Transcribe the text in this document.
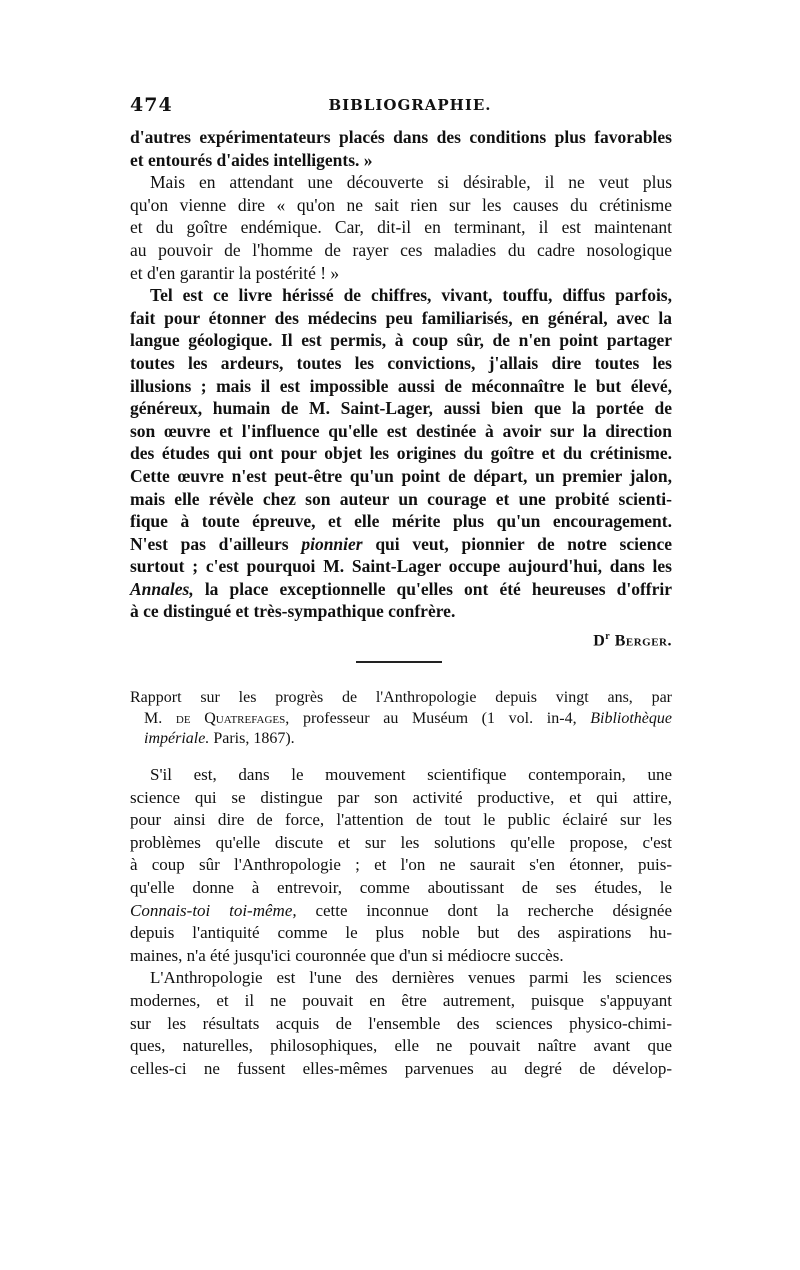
474	BIBLIOGRAPHIE.
d'autres expérimentateurs placés dans des conditions plus favorables
et entourés d'aides intelligents. »
Mais en attendant une découverte si désirable, il ne veut plus
qu'on vienne dire « qu'on ne sait rien sur les causes du crétinisme
et du goître endémique. Car, dit-il en terminant, il est maintenant
au pouvoir de l'homme de rayer ces maladies du cadre nosologique
et d'en garantir la postérité ! »
Tel est ce livre hérissé de chiffres, vivant, touffu, diffus parfois,
fait pour étonner des médecins peu familiarisés, en général, avec la
langue géologique. Il est permis, à coup sûr, de n'en point partager
toutes les ardeurs, toutes les convictions, j'allais dire toutes les
illusions ; mais il est impossible aussi de méconnaître le but élevé,
généreux, humain de M. Saint-Lager, aussi bien que la portée de
son œuvre et l'influence qu'elle est destinée à avoir sur la direction
des études qui ont pour objet les origines du goître et du crétinisme.
Cette œuvre n'est peut-être qu'un point de départ, un premier jalon,
mais elle révèle chez son auteur un courage et une probité scienti-
fique à toute épreuve, et elle mérite plus qu'un encouragement.
N'est pas d'ailleurs pionnier qui veut, pionnier de notre science
surtout ; c'est pourquoi M. Saint-Lager occupe aujourd'hui, dans les
Annales, la place exceptionnelle qu'elles ont été heureuses d'offrir
à ce distingué et très-sympathique confrère.
$D^r$ Berger.
Rapport sur les progrès de l'Anthropologie depuis vingt ans, par
M. de Quatrefages, professeur au Muséum (1 vol. in-4, Bibliothèque
impériale. Paris, 1867).
S'il est, dans le mouvement scientifique contemporain, une
science qui se distingue par son activité productive, et qui attire,
pour ainsi dire de force, l'attention de tout le public éclairé sur les
problèmes qu'elle discute et sur les solutions qu'elle propose, c'est
à coup sûr l'Anthropologie ; et l'on ne saurait s'en étonner, puis-
qu'elle donne à entrevoir, comme aboutissant de ses études, le
Connais-toi toi-même, cette inconnue dont la recherche désignée
depuis l'antiquité comme le plus noble but des aspirations hu-
maines, n'a été jusqu'ici couronnée que d'un si médiocre succès.
L'Anthropologie est l'une des dernières venues parmi les sciences
modernes, et il ne pouvait en être autrement, puisque s'appuyant
sur les résultats acquis de l'ensemble des sciences physico-chimi-
ques, naturelles, philosophiques, elle ne pouvait naître avant que
celles-ci ne fussent elles-mêmes parvenues au degré de dévelop-
